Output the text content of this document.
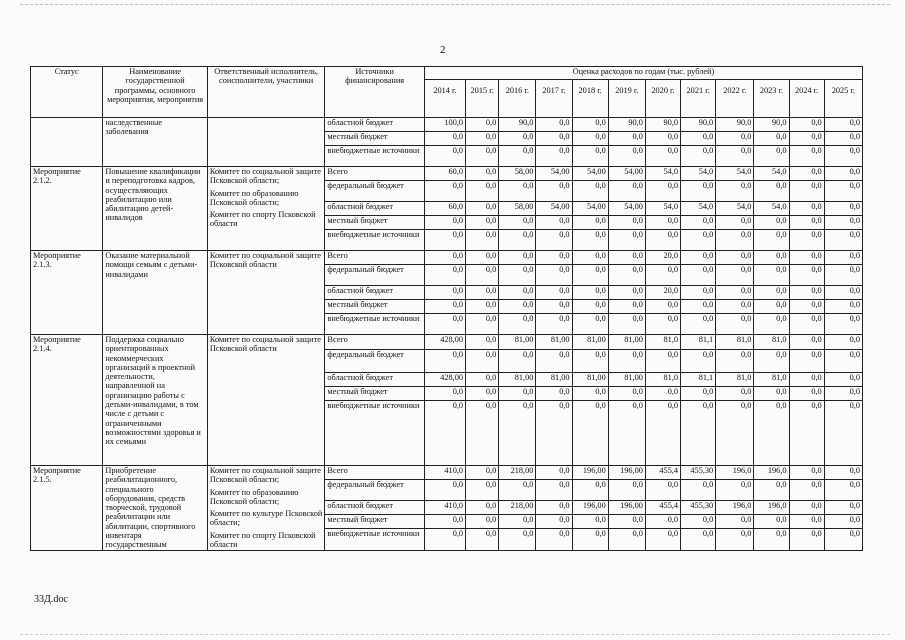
2
Статус	Наименование государственной программы, основного мероприятия, мероприятия	Ответственный исполнитель, соисполнители, участники	Источники финансирования	Оценка расходов по годам (тыс. рублей)											
				2014 г.	2015 г.	2016 г.	2017 г.	2018 г.	2019 г.	2020 г.	2021 г.	2022 г.	2023 г.	2024 г.	2025 г.
	наследственные заболевания		областной бюджет	100,0	0,0	90,0	0,0	0,0	90,0	90,0	90,0	90,0	90,0	0,0	0,0
			местный бюджет	0,0	0,0	0,0	0,0	0,0	0,0	0,0	0,0	0,0	0,0	0,0	0,0
			внебюджетные источники	0,0	0,0	0,0	0,0	0,0	0,0	0,0	0,0	0,0	0,0	0,0	0,0
Мероприятие 2.1.2.	Повышение квалификации и переподготовка кадров, осуществляющих реабилитацию или абилитацию детей-инвалидов	Комитет по социальной защите Псковской области;
Комитет по образованию Псковской области;
Комитет по спорту Псковской области	Всего	60,0	0,0	58,00	54,00	54,00	54,00	54,0	54,0	54,0	54,0	0,0	0,0
			федеральный бюджет	0,0	0,0	0,0	0,0	0,0	0,0	0,0	0,0	0,0	0,0	0,0	0,0
			областной бюджет	60,0	0,0	58,00	54,00	54,00	54,00	54,0	54,0	54,0	54,0	0,0	0,0
			местный бюджет	0,0	0,0	0,0	0,0	0,0	0,0	0,0	0,0	0,0	0,0	0,0	0,0
			внебюджетные источники	0,0	0,0	0,0	0,0	0,0	0,0	0,0	0,0	0,0	0,0	0,0	0,0
Мероприятие 2.1.3.	Оказание материальной помощи семьям с детьми-инвалидами	Комитет по социальной защите Псковской области	Всего	0,0	0,0	0,0	0,0	0,0	0,0	20,0	0,0	0,0	0,0	0,0	0,0
			федеральный бюджет	0,0	0,0	0,0	0,0	0,0	0,0	0,0	0,0	0,0	0,0	0,0	0,0
			областной бюджет	0,0	0,0	0,0	0,0	0,0	0,0	20,0	0,0	0,0	0,0	0,0	0,0
			местный бюджет	0,0	0,0	0,0	0,0	0,0	0,0	0,0	0,0	0,0	0,0	0,0	0,0
			внебюджетные источники	0,0	0,0	0,0	0,0	0,0	0,0	0,0	0,0	0,0	0,0	0,0	0,0
Мероприятие 2.1.4.	Поддержка социально ориентированных некоммерческих организаций в проектной деятельности, направленной на организацию работы с детьми-инвалидами, в том числе с детьми с ограниченными возможностями здоровья и их семьями	Комитет по социальной защите Псковской области	Всего	428,00	0,0	81,00	81,00	81,00	81,00	81,0	81,1	81,0	81,0	0,0	0,0
			федеральный бюджет	0,0	0,0	0,0	0,0	0,0	0,0	0,0	0,0	0,0	0,0	0,0	0,0
			областной бюджет	428,00	0,0	81,00	81,00	81,00	81,00	81,0	81,1	81,0	81,0	0,0	0,0
			местный бюджет	0,0	0,0	0,0	0,0	0,0	0,0	0,0	0,0	0,0	0,0	0,0	0,0
			внебюджетные источники	0,0	0,0	0,0	0,0	0,0	0,0	0,0	0,0	0,0	0,0	0,0	0,0
Мероприятие 2.1.5.	Приобретение реабилитационного, специального оборудования, средств творческой, трудовой реабилитации или абилитации, спортивного инвентаря государственным	Комитет по социальной защите Псковской области;
Комитет по образованию Псковской области;
Комитет по культуре Псковской области;
Комитет по спорту Псковской области	Всего	410,0	0,0	218,00	0,0	196,00	196,00	455,4	455,30	196,0	196,0	0,0	0,0
			федеральный бюджет	0,0	0,0	0,0	0,0	0,0	0,0	0,0	0,0	0,0	0,0	0,0	0,0
			областной бюджет	410,0	0,0	218,00	0,0	196,00	196,00	455,4	455,30	196,0	196,0	0,0	0,0
			местный бюджет	0,0	0,0	0,0	0,0	0,0	0,0	0,0	0,0	0,0	0,0	0,0	0,0
			внебюджетные источники	0,0	0,0	0,0	0,0	0,0	0,0	0,0	0,0	0,0	0,0	0,0	0,0
33Д.doc
